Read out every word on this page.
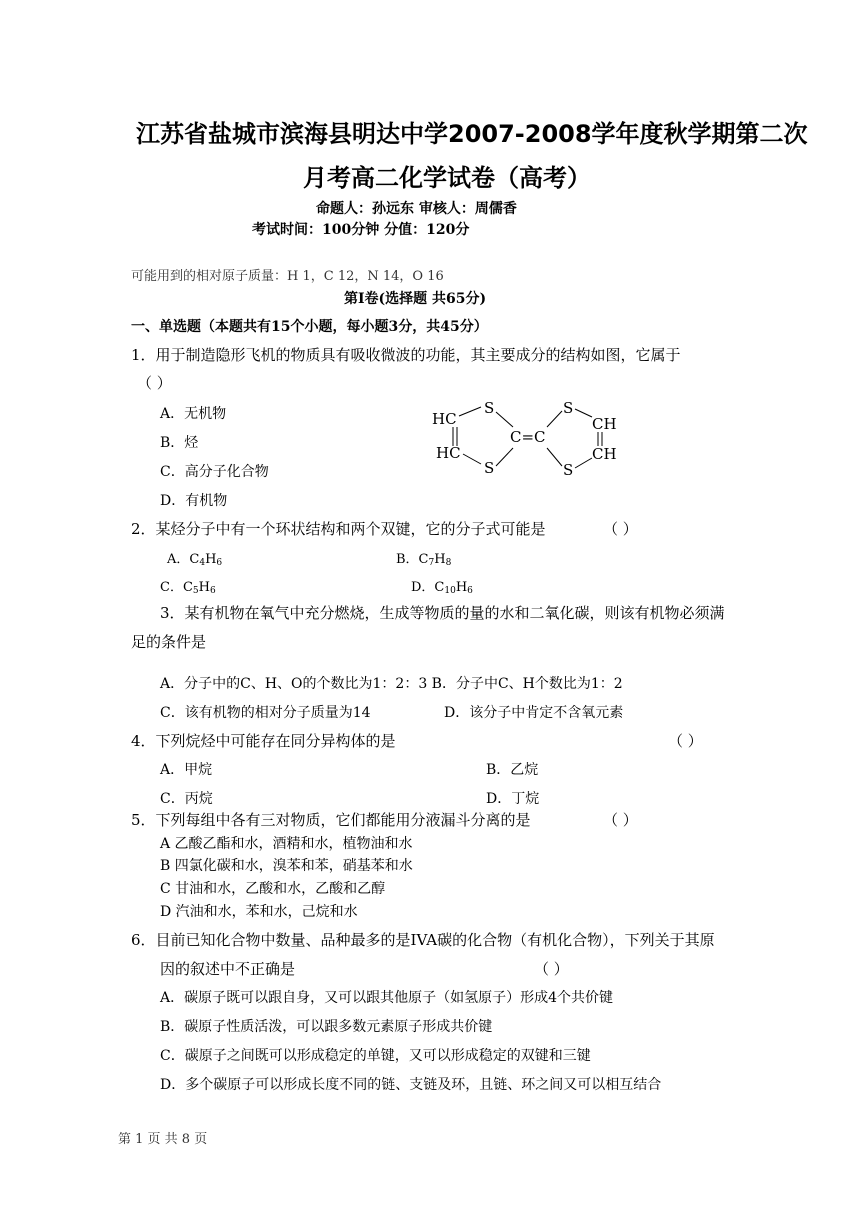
江苏省盐城市滨海县明达中学2007-2008学年度秋学期第二次
月考高二化学试卷（高考）
命题人：孙远东 审核人：周儒香
考试时间：100分钟 分值：120分
可能用到的相对原子质量：H 1，C 12，N 14，O 16
第Ⅰ卷(选择题 共65分)
一、单选题（本题共有15个小题，每小题3分，共45分）
1．用于制造隐形飞机的物质具有吸收微波的功能，其主要成分的结构如图，它属于
（ ）
A．无机物
B．烃
C．高分子化合物
D．有机物
HC
HC
S
S
C=C
S
S
CH
CH
2．某烃分子中有一个环状结构和两个双键，它的分子式可能是	（ ）
A．$C_4H_6$	B．$C_7H_8$
C．$C_5H_6$	D．$C_{10}H_6$
3．某有机物在氧气中充分燃烧，生成等物质的量的水和二氧化碳，则该有机物必须满
足的条件是
A．分子中的C、H、O的个数比为1：2：3 B．分子中C、H个数比为1：2
C．该有机物的相对分子质量为14	D．该分子中肯定不含氧元素
4．下列烷烃中可能存在同分异构体的是	（ ）
A．甲烷	B．乙烷
C．丙烷	D．丁烷
5．下列每组中各有三对物质，它们都能用分液漏斗分离的是	（ ）
A 乙酸乙酯和水，酒精和水，植物油和水
B 四氯化碳和水，溴苯和苯，硝基苯和水
C 甘油和水，乙酸和水，乙酸和乙醇
D 汽油和水，苯和水，己烷和水
6．目前已知化合物中数量、品种最多的是IVA碳的化合物（有机化合物），下列关于其原
因的叙述中不正确是	（ ）
A．碳原子既可以跟自身，又可以跟其他原子（如氢原子）形成4个共价键
B．碳原子性质活泼，可以跟多数元素原子形成共价键
C．碳原子之间既可以形成稳定的单键，又可以形成稳定的双键和三键
D．多个碳原子可以形成长度不同的链、支链及环，且链、环之间又可以相互结合
第 1 页 共 8 页
